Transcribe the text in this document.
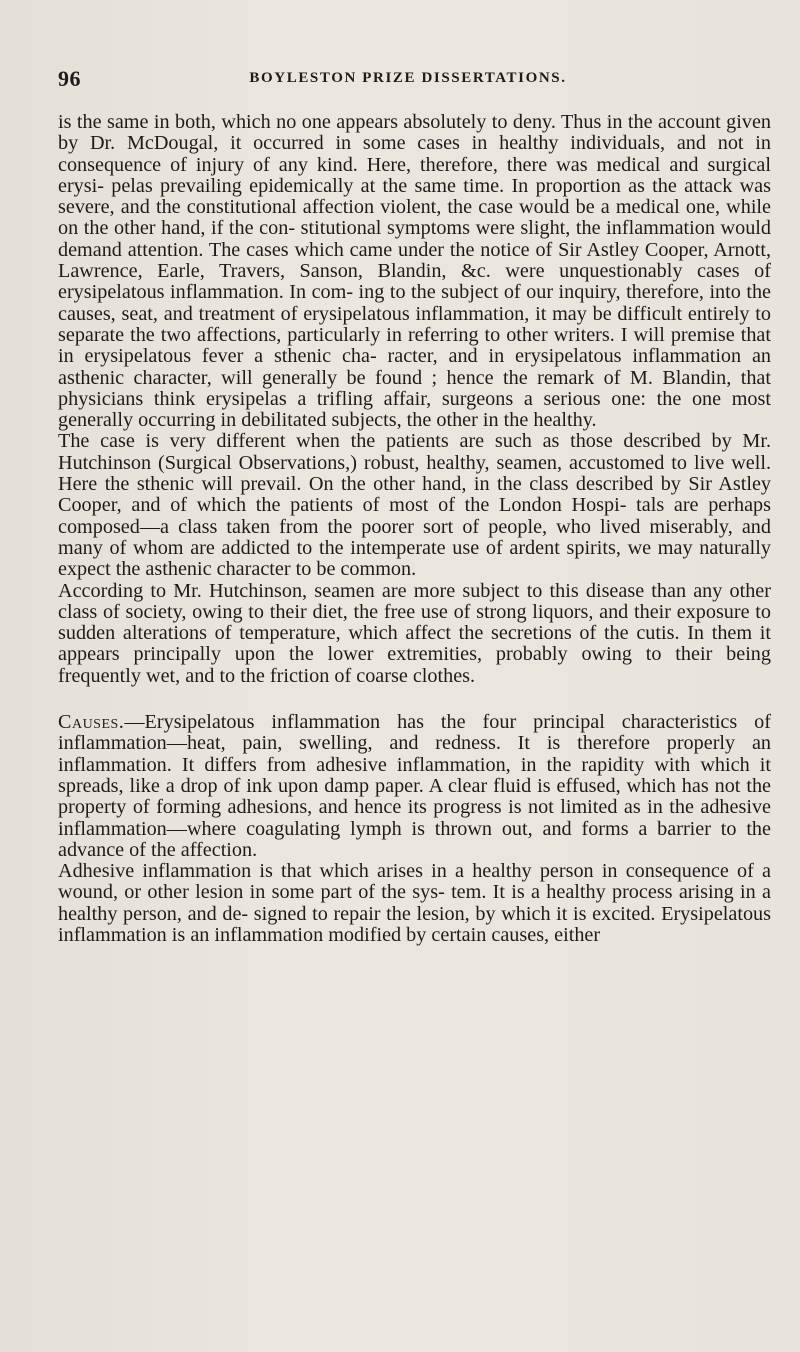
96	BOYLESTON PRIZE DISSERTATIONS.

is the same in both, which no one appears absolutely to deny. Thus in the account given by Dr. McDougal, it occurred in some cases in healthy individuals, and not in consequence of injury of any kind. Here, therefore, there was medical and surgical erysi- pelas prevailing epidemically at the same time. In proportion as the attack was severe, and the constitutional affection violent, the case would be a medical one, while on the other hand, if the con- stitutional symptoms were slight, the inflammation would demand attention. The cases which came under the notice of Sir Astley Cooper, Arnott, Lawrence, Earle, Travers, Sanson, Blandin, &c. were unquestionably cases of erysipelatous inflammation. In com- ing to the subject of our inquiry, therefore, into the causes, seat, and treatment of erysipelatous inflammation, it may be difficult entirely to separate the two affections, particularly in referring to other writers. I will premise that in erysipelatous fever a sthenic cha- racter, and in erysipelatous inflammation an asthenic character, will generally be found ; hence the remark of M. Blandin, that physicians think erysipelas a trifling affair, surgeons a serious one: the one most generally occurring in debilitated subjects, the other in the healthy.

The case is very different when the patients are such as those described by Mr. Hutchinson (Surgical Observations,) robust, healthy, seamen, accustomed to live well. Here the sthenic will prevail. On the other hand, in the class described by Sir Astley Cooper, and of which the patients of most of the London Hospi- tals are perhaps composed—a class taken from the poorer sort of people, who lived miserably, and many of whom are addicted to the intemperate use of ardent spirits, we may naturally expect the asthenic character to be common.

According to Mr. Hutchinson, seamen are more subject to this disease than any other class of society, owing to their diet, the free use of strong liquors, and their exposure to sudden alterations of temperature, which affect the secretions of the cutis. In them it appears principally upon the lower extremities, probably owing to their being frequently wet, and to the friction of coarse clothes.

Causes.—Erysipelatous inflammation has the four principal characteristics of inflammation—heat, pain, swelling, and redness. It is therefore properly an inflammation. It differs from adhesive inflammation, in the rapidity with which it spreads, like a drop of ink upon damp paper. A clear fluid is effused, which has not the property of forming adhesions, and hence its progress is not limited as in the adhesive inflammation—where coagulating lymph is thrown out, and forms a barrier to the advance of the affection.

Adhesive inflammation is that which arises in a healthy person in consequence of a wound, or other lesion in some part of the sys- tem. It is a healthy process arising in a healthy person, and de- signed to repair the lesion, by which it is excited. Erysipelatous inflammation is an inflammation modified by certain causes, either
